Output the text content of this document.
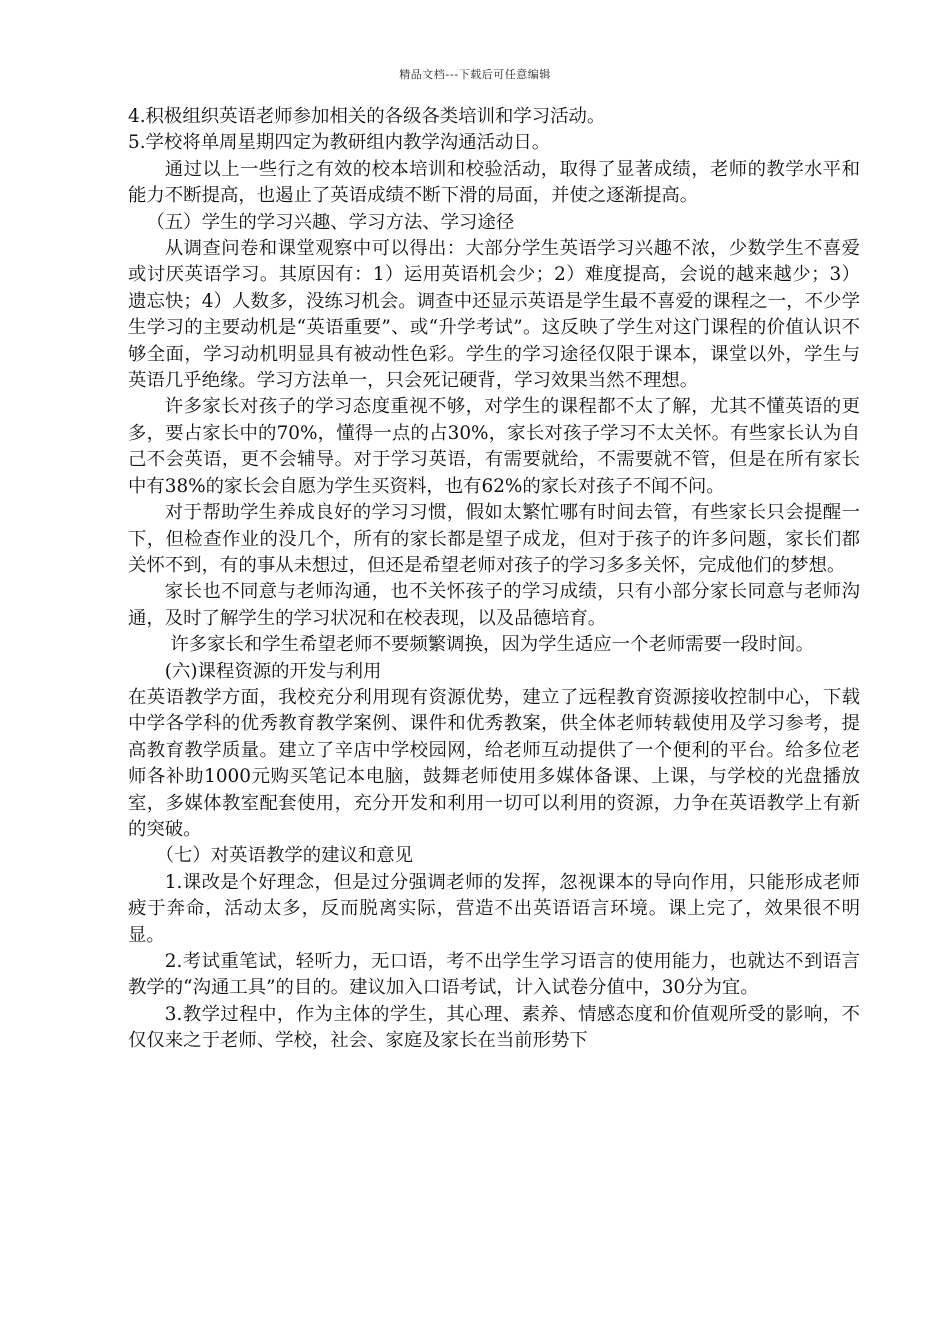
精品文档---下载后可任意编辑

4.积极组织英语老师参加相关的各级各类培训和学习活动。

5.学校将单周星期四定为教研组内教学沟通活动日。

通过以上一些行之有效的校本培训和校验活动，取得了显著成绩，老师的教学水平和能力不断提高，也遏止了英语成绩不断下滑的局面，并使之逐渐提高。

（五）学生的学习兴趣、学习方法、学习途径

从调查问卷和课堂观察中可以得出：大部分学生英语学习兴趣不浓，少数学生不喜爱或讨厌英语学习。其原因有：1）运用英语机会少；2）难度提高，会说的越来越少；3）遗忘快；4）人数多，没练习机会。调查中还显示英语是学生最不喜爱的课程之一，不少学生学习的主要动机是“英语重要”、或“升学考试”。这反映了学生对这门课程的价值认识不够全面，学习动机明显具有被动性色彩。学生的学习途径仅限于课本，课堂以外，学生与英语几乎绝缘。学习方法单一，只会死记硬背，学习效果当然不理想。

许多家长对孩子的学习态度重视不够，对学生的课程都不太了解，尤其不懂英语的更多，要占家长中的70%，懂得一点的占30%，家长对孩子学习不太关怀。有些家长认为自己不会英语，更不会辅导。对于学习英语，有需要就给，不需要就不管，但是在所有家长中有38%的家长会自愿为学生买资料，也有62%的家长对孩子不闻不问。

对于帮助学生养成良好的学习习惯，假如太繁忙哪有时间去管，有些家长只会提醒一下，但检查作业的没几个，所有的家长都是望子成龙，但对于孩子的许多问题，家长们都关怀不到，有的事从未想过，但还是希望老师对孩子的学习多多关怀，完成他们的梦想。

家长也不同意与老师沟通，也不关怀孩子的学习成绩，只有小部分家长同意与老师沟通，及时了解学生的学习状况和在校表现，以及品德培育。

许多家长和学生希望老师不要频繁调换，因为学生适应一个老师需要一段时间。

(六)课程资源的开发与利用

在英语教学方面，我校充分利用现有资源优势，建立了远程教育资源接收控制中心，下载中学各学科的优秀教育教学案例、课件和优秀教案，供全体老师转载使用及学习参考，提高教育教学质量。建立了辛店中学校园网，给老师互动提供了一个便利的平台。给多位老师各补助1000元购买笔记本电脑，鼓舞老师使用多媒体备课、上课，与学校的光盘播放室，多媒体教室配套使用，充分开发和利用一切可以利用的资源，力争在英语教学上有新的突破。

（七）对英语教学的建议和意见

1.课改是个好理念，但是过分强调老师的发挥，忽视课本的导向作用，只能形成老师疲于奔命，活动太多，反而脱离实际，营造不出英语语言环境。课上完了，效果很不明显。

2.考试重笔试，轻听力，无口语，考不出学生学习语言的使用能力，也就达不到语言教学的“沟通工具”的目的。建议加入口语考试，计入试卷分值中，30分为宜。

3.教学过程中，作为主体的学生，其心理、素养、情感态度和价值观所受的影响，不仅仅来之于老师、学校，社会、家庭及家长在当前形势下
